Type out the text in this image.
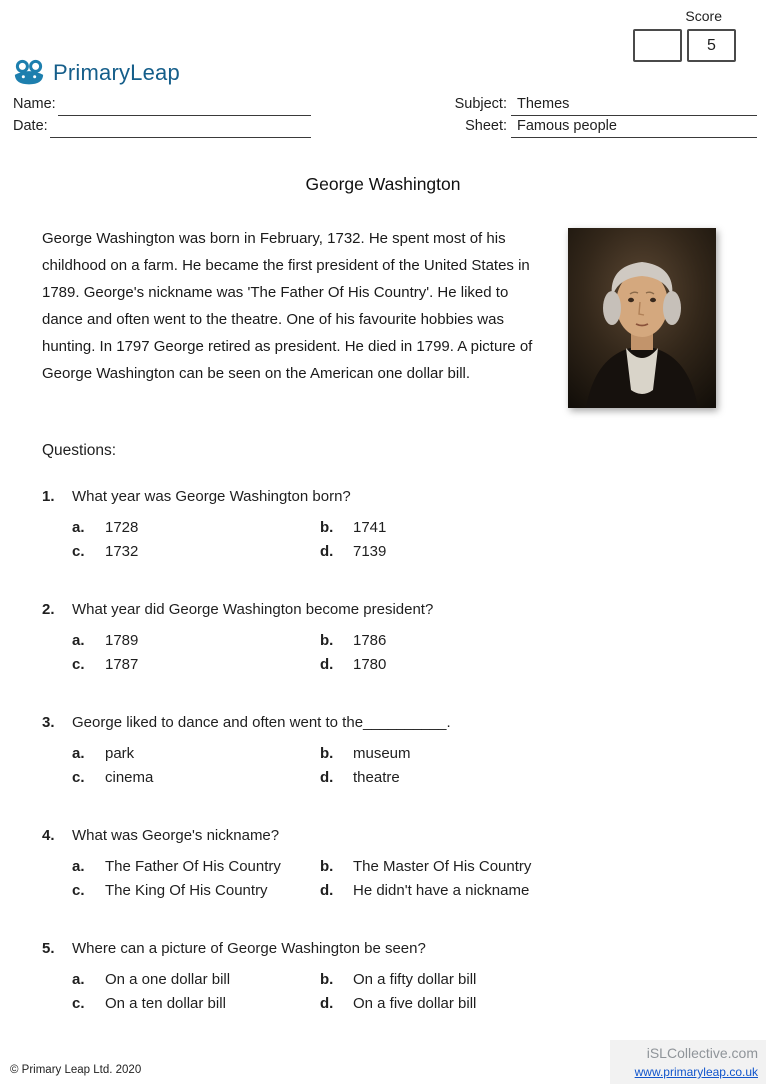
Score
5
PrimaryLeap
Name:
Date:
Subject: Themes
Sheet: Famous people
George Washington
George Washington was born in February, 1732. He spent most of his childhood on a farm. He became the first president of the United States in 1789. George's nickname was 'The Father Of His Country'. He liked to dance and often went to the theatre. One of his favourite hobbies was hunting. In 1797 George retired as president. He died in 1799. A picture of George Washington can be seen on the American one dollar bill.
Questions:
1.	What year was George Washington born?
a.	1728	b.	1741
c.	1732	d.	7139
2.	What year did George Washington become president?
a.	1789	b.	1786
c.	1787	d.	1780
3.	George liked to dance and often went to the__________.
a.	park	b.	museum
c.	cinema	d.	theatre
4.	What was George's nickname?
a.	The Father Of His Country	b.	The Master Of His Country
c.	The King Of His Country	d.	He didn't have a nickname
5.	Where can a picture of George Washington be seen?
a.	On a one dollar bill	b.	On a fifty dollar bill
c.	On a ten dollar bill	d.	On a five dollar bill
© Primary Leap Ltd. 2020
iSLCollective.com
www.primaryleap.co.uk
